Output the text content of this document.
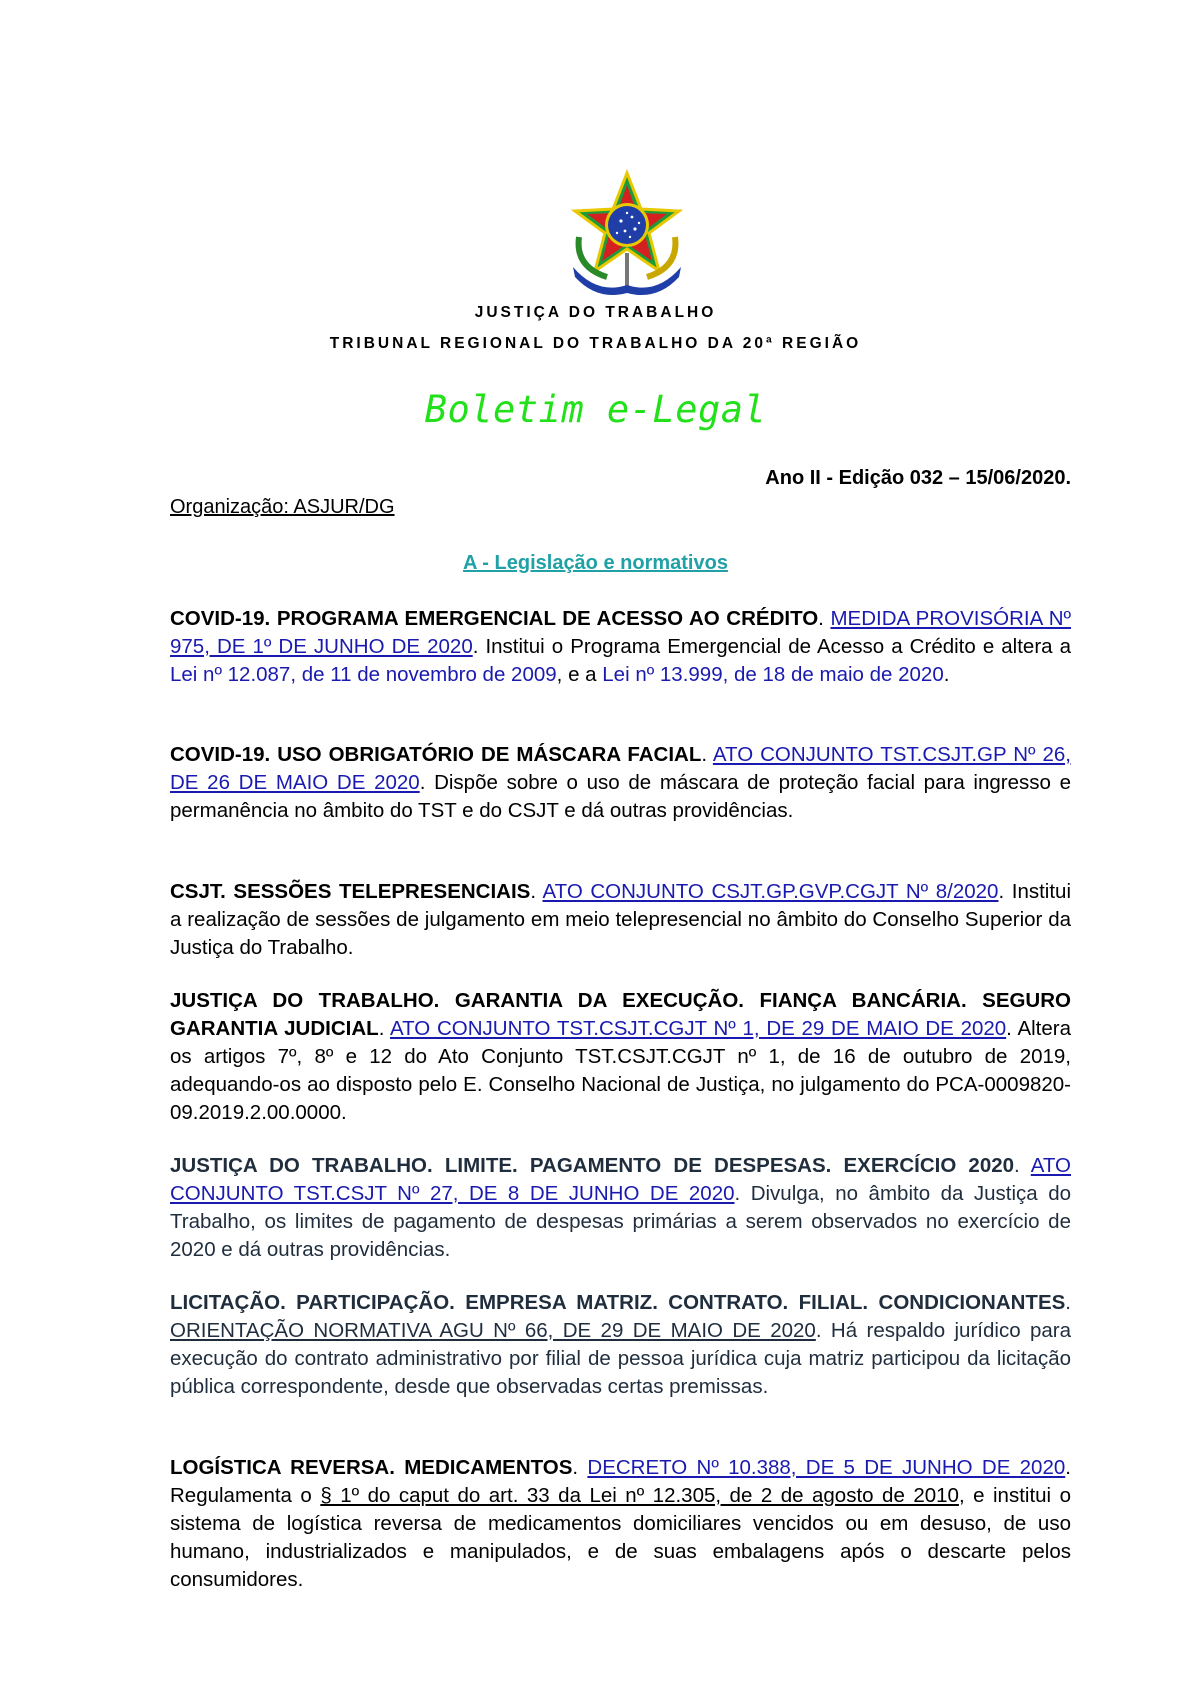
JUSTIÇA DO TRABALHO
TRIBUNAL REGIONAL DO TRABALHO DA 20ª REGIÃO
Boletim e-Legal
Ano II - Edição 032 – 15/06/2020.
Organização: ASJUR/DG
A - Legislação e normativos
COVID-19. PROGRAMA EMERGENCIAL DE ACESSO AO CRÉDITO. MEDIDA PROVISÓRIA Nº 975, DE 1º DE JUNHO DE 2020. Institui o Programa Emergencial de Acesso a Crédito e altera a Lei nº 12.087, de 11 de novembro de 2009, e a Lei nº 13.999, de 18 de maio de 2020.
COVID-19. USO OBRIGATÓRIO DE MÁSCARA FACIAL. ATO CONJUNTO TST.CSJT.GP Nº 26, DE 26 DE MAIO DE 2020. Dispõe sobre o uso de máscara de proteção facial para ingresso e permanência no âmbito do TST e do CSJT e dá outras providências.
CSJT. SESSÕES TELEPRESENCIAIS. ATO CONJUNTO CSJT.GP.GVP.CGJT Nº 8/2020. Institui a realização de sessões de julgamento em meio telepresencial no âmbito do Conselho Superior da Justiça do Trabalho.
JUSTIÇA DO TRABALHO. GARANTIA DA EXECUÇÃO. FIANÇA BANCÁRIA. SEGURO GARANTIA JUDICIAL. ATO CONJUNTO TST.CSJT.CGJT Nº 1, DE 29 DE MAIO DE 2020. Altera os artigos 7º, 8º e 12 do Ato Conjunto TST.CSJT.CGJT nº 1, de 16 de outubro de 2019, adequando-os ao disposto pelo E. Conselho Nacional de Justiça, no julgamento do PCA-0009820-09.2019.2.00.0000.
JUSTIÇA DO TRABALHO. LIMITE. PAGAMENTO DE DESPESAS. EXERCÍCIO 2020. ATO CONJUNTO TST.CSJT Nº 27, DE 8 DE JUNHO DE 2020. Divulga, no âmbito da Justiça do Trabalho, os limites de pagamento de despesas primárias a serem observados no exercício de 2020 e dá outras providências.
LICITAÇÃO. PARTICIPAÇÃO. EMPRESA MATRIZ. CONTRATO. FILIAL. CONDICIONANTES. ORIENTAÇÃO NORMATIVA AGU Nº 66, DE 29 DE MAIO DE 2020. Há respaldo jurídico para execução do contrato administrativo por filial de pessoa jurídica cuja matriz participou da licitação pública correspondente, desde que observadas certas premissas.
LOGÍSTICA REVERSA. MEDICAMENTOS. DECRETO Nº 10.388, DE 5 DE JUNHO DE 2020. Regulamenta o § 1º do caput do art. 33 da Lei nº 12.305, de 2 de agosto de 2010, e institui o sistema de logística reversa de medicamentos domiciliares vencidos ou em desuso, de uso humano, industrializados e manipulados, e de suas embalagens após o descarte pelos consumidores.
